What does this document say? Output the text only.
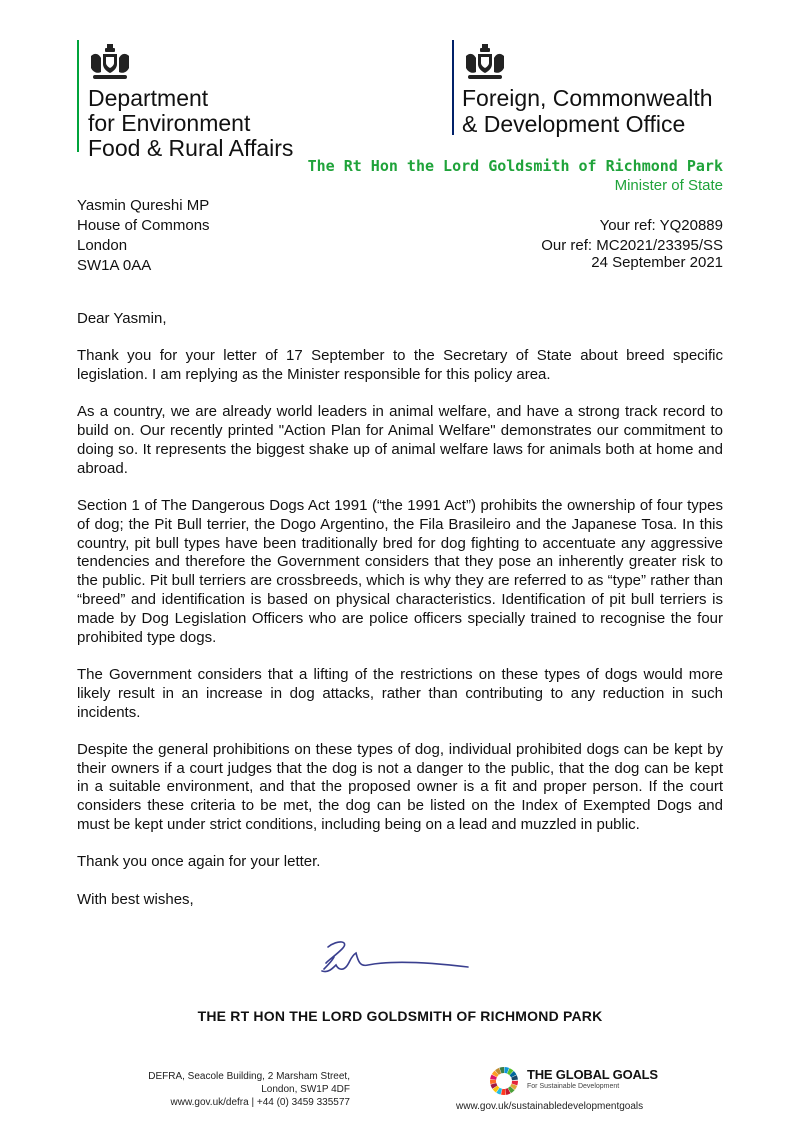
Department
for Environment
Food & Rural Affairs
Foreign, Commonwealth
& Development Office
The Rt Hon the Lord Goldsmith of Richmond Park
Minister of State
Yasmin Qureshi MP
House of Commons
London
SW1A 0AA
Your ref: YQ20889
Our ref: MC2021/23395/SS
24 September 2021

Dear Yasmin,

Thank you for your letter of 17 September to the Secretary of State about breed specific legislation. I am replying as the Minister responsible for this policy area.

As a country, we are already world leaders in animal welfare, and have a strong track record to build on. Our recently printed "Action Plan for Animal Welfare" demonstrates our commitment to doing so. It represents the biggest shake up of animal welfare laws for animals both at home and abroad.

Section 1 of The Dangerous Dogs Act 1991 (“the 1991 Act”) prohibits the ownership of four types of dog; the Pit Bull terrier, the Dogo Argentino, the Fila Brasileiro and the Japanese Tosa. In this country, pit bull types have been traditionally bred for dog fighting to accentuate any aggressive tendencies and therefore the Government considers that they pose an inherently greater risk to the public. Pit bull terriers are crossbreeds, which is why they are referred to as “type” rather than “breed” and identification is based on physical characteristics. Identification of pit bull terriers is made by Dog Legislation Officers who are police officers specially trained to recognise the four prohibited type dogs.

The Government considers that a lifting of the restrictions on these types of dogs would more likely result in an increase in dog attacks, rather than contributing to any reduction in such incidents.

Despite the general prohibitions on these types of dog, individual prohibited dogs can be kept by their owners if a court judges that the dog is not a danger to the public, that the dog can be kept in a suitable environment, and that the proposed owner is a fit and proper person. If the court considers these criteria to be met, the dog can be listed on the Index of Exempted Dogs and must be kept under strict conditions, including being on a lead and muzzled in public.

Thank you once again for your letter.

With best wishes,

THE RT HON THE LORD GOLDSMITH OF RICHMOND PARK
DEFRA, Seacole Building, 2 Marsham Street,
London, SW1P 4DF
www.gov.uk/defra | +44 (0) 3459 335577
THE GLOBAL GOALS
For Sustainable Development
www.gov.uk/sustainabledevelopmentgoals
